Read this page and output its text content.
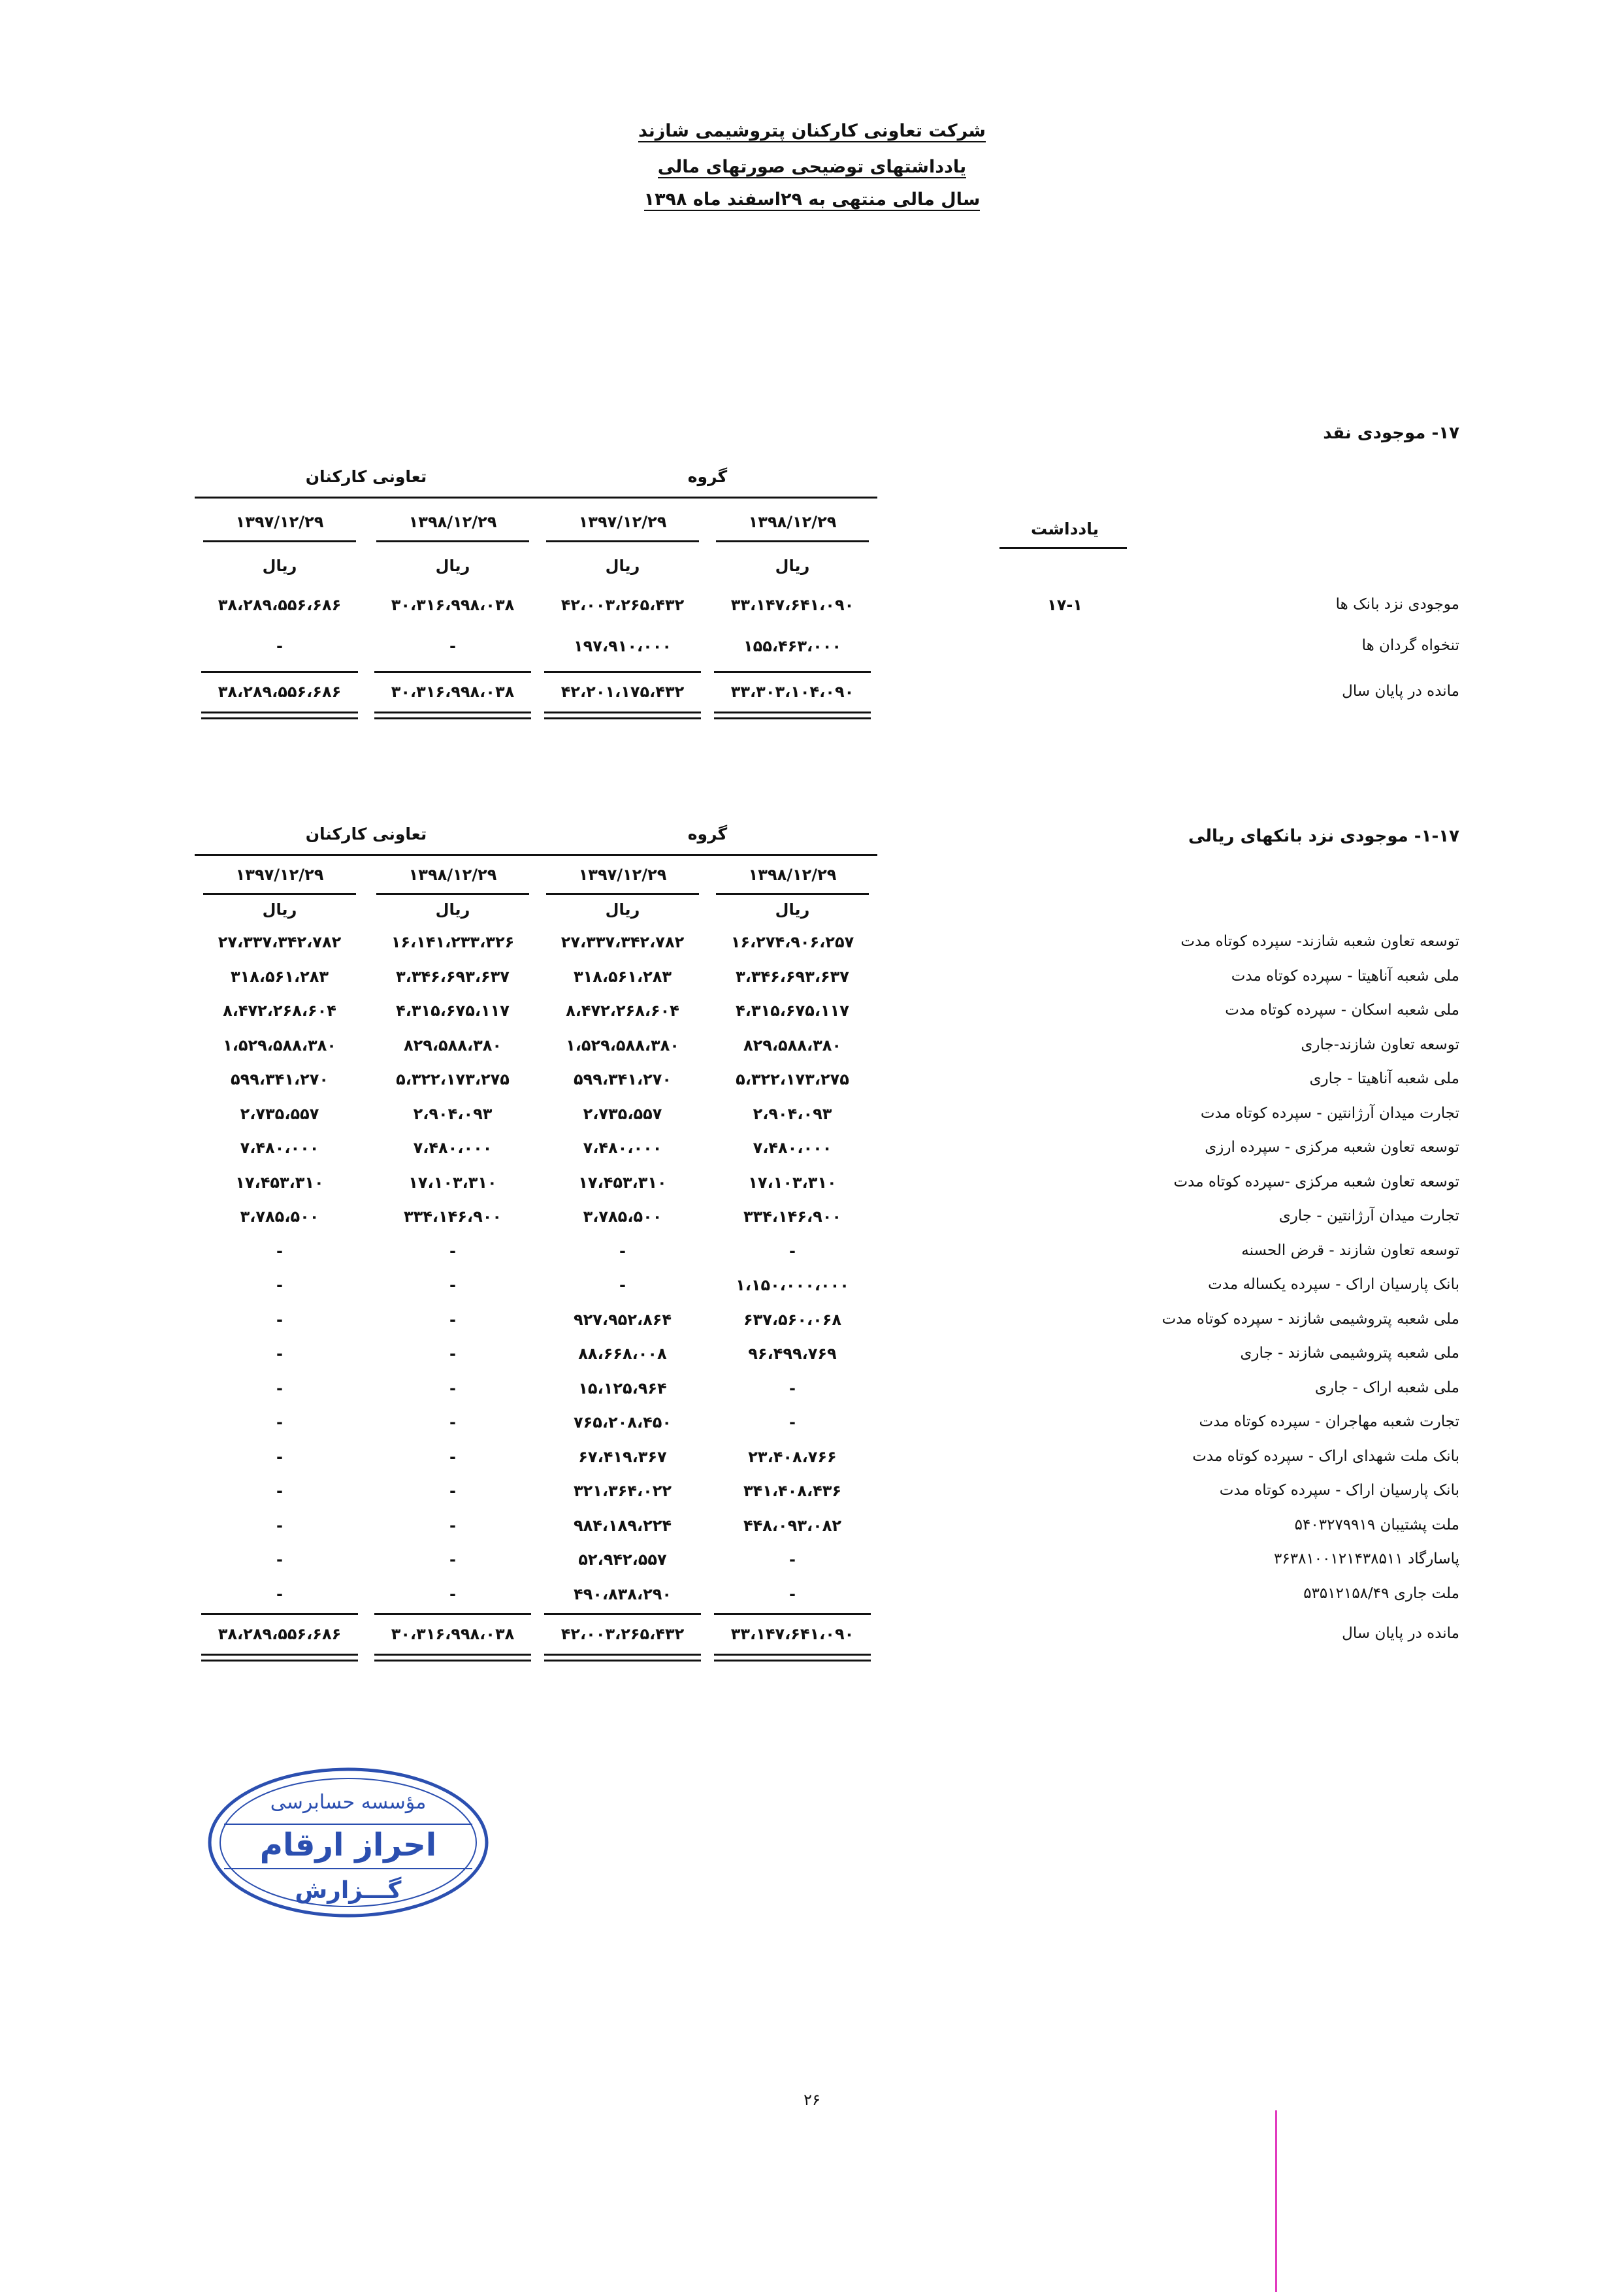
شرکت تعاونی کارکنان پتروشیمی شازند
یادداشتهای توضیحی صورتهای مالی
سال مالی منتهی به ۲۹اسفند ماه ۱۳۹۸
۱۷- موجودی نقد
گروه
تعاونی کارکنان
۱۳۹۸/۱۲/۲۹
ریال
۱۳۹۷/۱۲/۲۹
ریال
۱۳۹۸/۱۲/۲۹
ریال
۱۳۹۷/۱۲/۲۹
ریال
یادداشت
موجودی نزد بانک ها
۱۷-۱
۳۳،۱۴۷،۶۴۱،۰۹۰
۴۲،۰۰۳،۲۶۵،۴۳۲
۳۰،۳۱۶،۹۹۸،۰۳۸
۳۸،۲۸۹،۵۵۶،۶۸۶
تنخواه گردان ها
۱۵۵،۴۶۳،۰۰۰
۱۹۷،۹۱۰،۰۰۰
-
-
۳۳،۳۰۳،۱۰۴،۰۹۰
۴۲،۲۰۱،۱۷۵،۴۳۲
۳۰،۳۱۶،۹۹۸،۰۳۸
۳۸،۲۸۹،۵۵۶،۶۸۶	مانده در پایان سال
۱-۱۷- موجودی نزد بانکهای ریالی
گروه
تعاونی کارکنان
۱۳۹۸/۱۲/۲۹
ریال
۱۳۹۷/۱۲/۲۹
ریال
۱۳۹۸/۱۲/۲۹
ریال
۱۳۹۷/۱۲/۲۹
ریال
توسعه تعاون شعبه شازند- سپرده کوتاه مدت
۱۶،۲۷۴،۹۰۶،۲۵۷
۲۷،۳۳۷،۳۴۲،۷۸۲
۱۶،۱۴۱،۲۳۳،۳۲۶
۲۷،۳۳۷،۳۴۲،۷۸۲
ملی شعبه آناهیتا - سپرده کوتاه مدت
۳،۳۴۶،۶۹۳،۶۳۷
۳۱۸،۵۶۱،۲۸۳
۳،۳۴۶،۶۹۳،۶۳۷
۳۱۸،۵۶۱،۲۸۳
ملی شعبه اسکان - سپرده کوتاه مدت
۴،۳۱۵،۶۷۵،۱۱۷
۸،۴۷۲،۲۶۸،۶۰۴
۴،۳۱۵،۶۷۵،۱۱۷
۸،۴۷۲،۲۶۸،۶۰۴
توسعه تعاون شازند-جاری
۸۲۹،۵۸۸،۳۸۰
۱،۵۲۹،۵۸۸،۳۸۰
۸۲۹،۵۸۸،۳۸۰
۱،۵۲۹،۵۸۸،۳۸۰
ملی شعبه آناهیتا - جاری
۵،۳۲۲،۱۷۳،۲۷۵
۵۹۹،۳۴۱،۲۷۰
۵،۳۲۲،۱۷۳،۲۷۵
۵۹۹،۳۴۱،۲۷۰
تجارت میدان آرژانتین - سپرده کوتاه مدت
۲،۹۰۴،۰۹۳
۲،۷۳۵،۵۵۷
۲،۹۰۴،۰۹۳
۲،۷۳۵،۵۵۷
توسعه تعاون شعبه مرکزی - سپرده ارزی
۷،۴۸۰،۰۰۰
۷،۴۸۰،۰۰۰
۷،۴۸۰،۰۰۰
۷،۴۸۰،۰۰۰
توسعه تعاون شعبه مرکزی -سپرده کوتاه مدت
۱۷،۱۰۳،۳۱۰
۱۷،۴۵۳،۳۱۰
۱۷،۱۰۳،۳۱۰
۱۷،۴۵۳،۳۱۰
تجارت میدان آرژانتین - جاری
۳۳۴،۱۴۶،۹۰۰
۳،۷۸۵،۵۰۰
۳۳۴،۱۴۶،۹۰۰
۳،۷۸۵،۵۰۰
توسعه تعاون شازند - قرض الحسنه
-
-
-
-
بانک پارسیان اراک - سپرده یکساله مدت
۱،۱۵۰،۰۰۰،۰۰۰
-
-
-
ملی شعبه پتروشیمی شازند - سپرده کوتاه مدت
۶۳۷،۵۶۰،۰۶۸
۹۲۷،۹۵۲،۸۶۴
-
-
ملی شعبه پتروشیمی شازند - جاری
۹۶،۴۹۹،۷۶۹
۸۸،۶۶۸،۰۰۸
-
-
ملی شعبه اراک - جاری
-
۱۵،۱۲۵،۹۶۴
-
-
تجارت شعبه مهاجران - سپرده کوتاه مدت
-
۷۶۵،۲۰۸،۴۵۰
-
-
بانک ملت شهدای اراک - سپرده کوتاه مدت
۲۳،۴۰۸،۷۶۶
۶۷،۴۱۹،۳۶۷
-
-
بانک پارسیان اراک - سپرده کوتاه مدت
۳۴۱،۴۰۸،۴۳۶
۳۲۱،۳۶۴،۰۲۲
-
-
ملت پشتیبان ۵۴۰۳۲۷۹۹۱۹
۴۴۸،۰۹۳،۰۸۲
۹۸۴،۱۸۹،۲۲۴
-
-
پاسارگاد ۳۶۳۸۱۰۰۱۲۱۴۳۸۵۱۱
-
۵۲،۹۴۲،۵۵۷
-
-
ملت جاری ۵۳۵۱۲۱۵۸/۴۹
-
۴۹۰،۸۳۸،۲۹۰
-
-
۳۳،۱۴۷،۶۴۱،۰۹۰
۴۲،۰۰۳،۲۶۵،۴۳۲
۳۰،۳۱۶،۹۹۸،۰۳۸
۳۸،۲۸۹،۵۵۶،۶۸۶	مانده در پایان سال
مؤسسه حسابرسی
احراز ارقام
گـــزارش
۲۶
